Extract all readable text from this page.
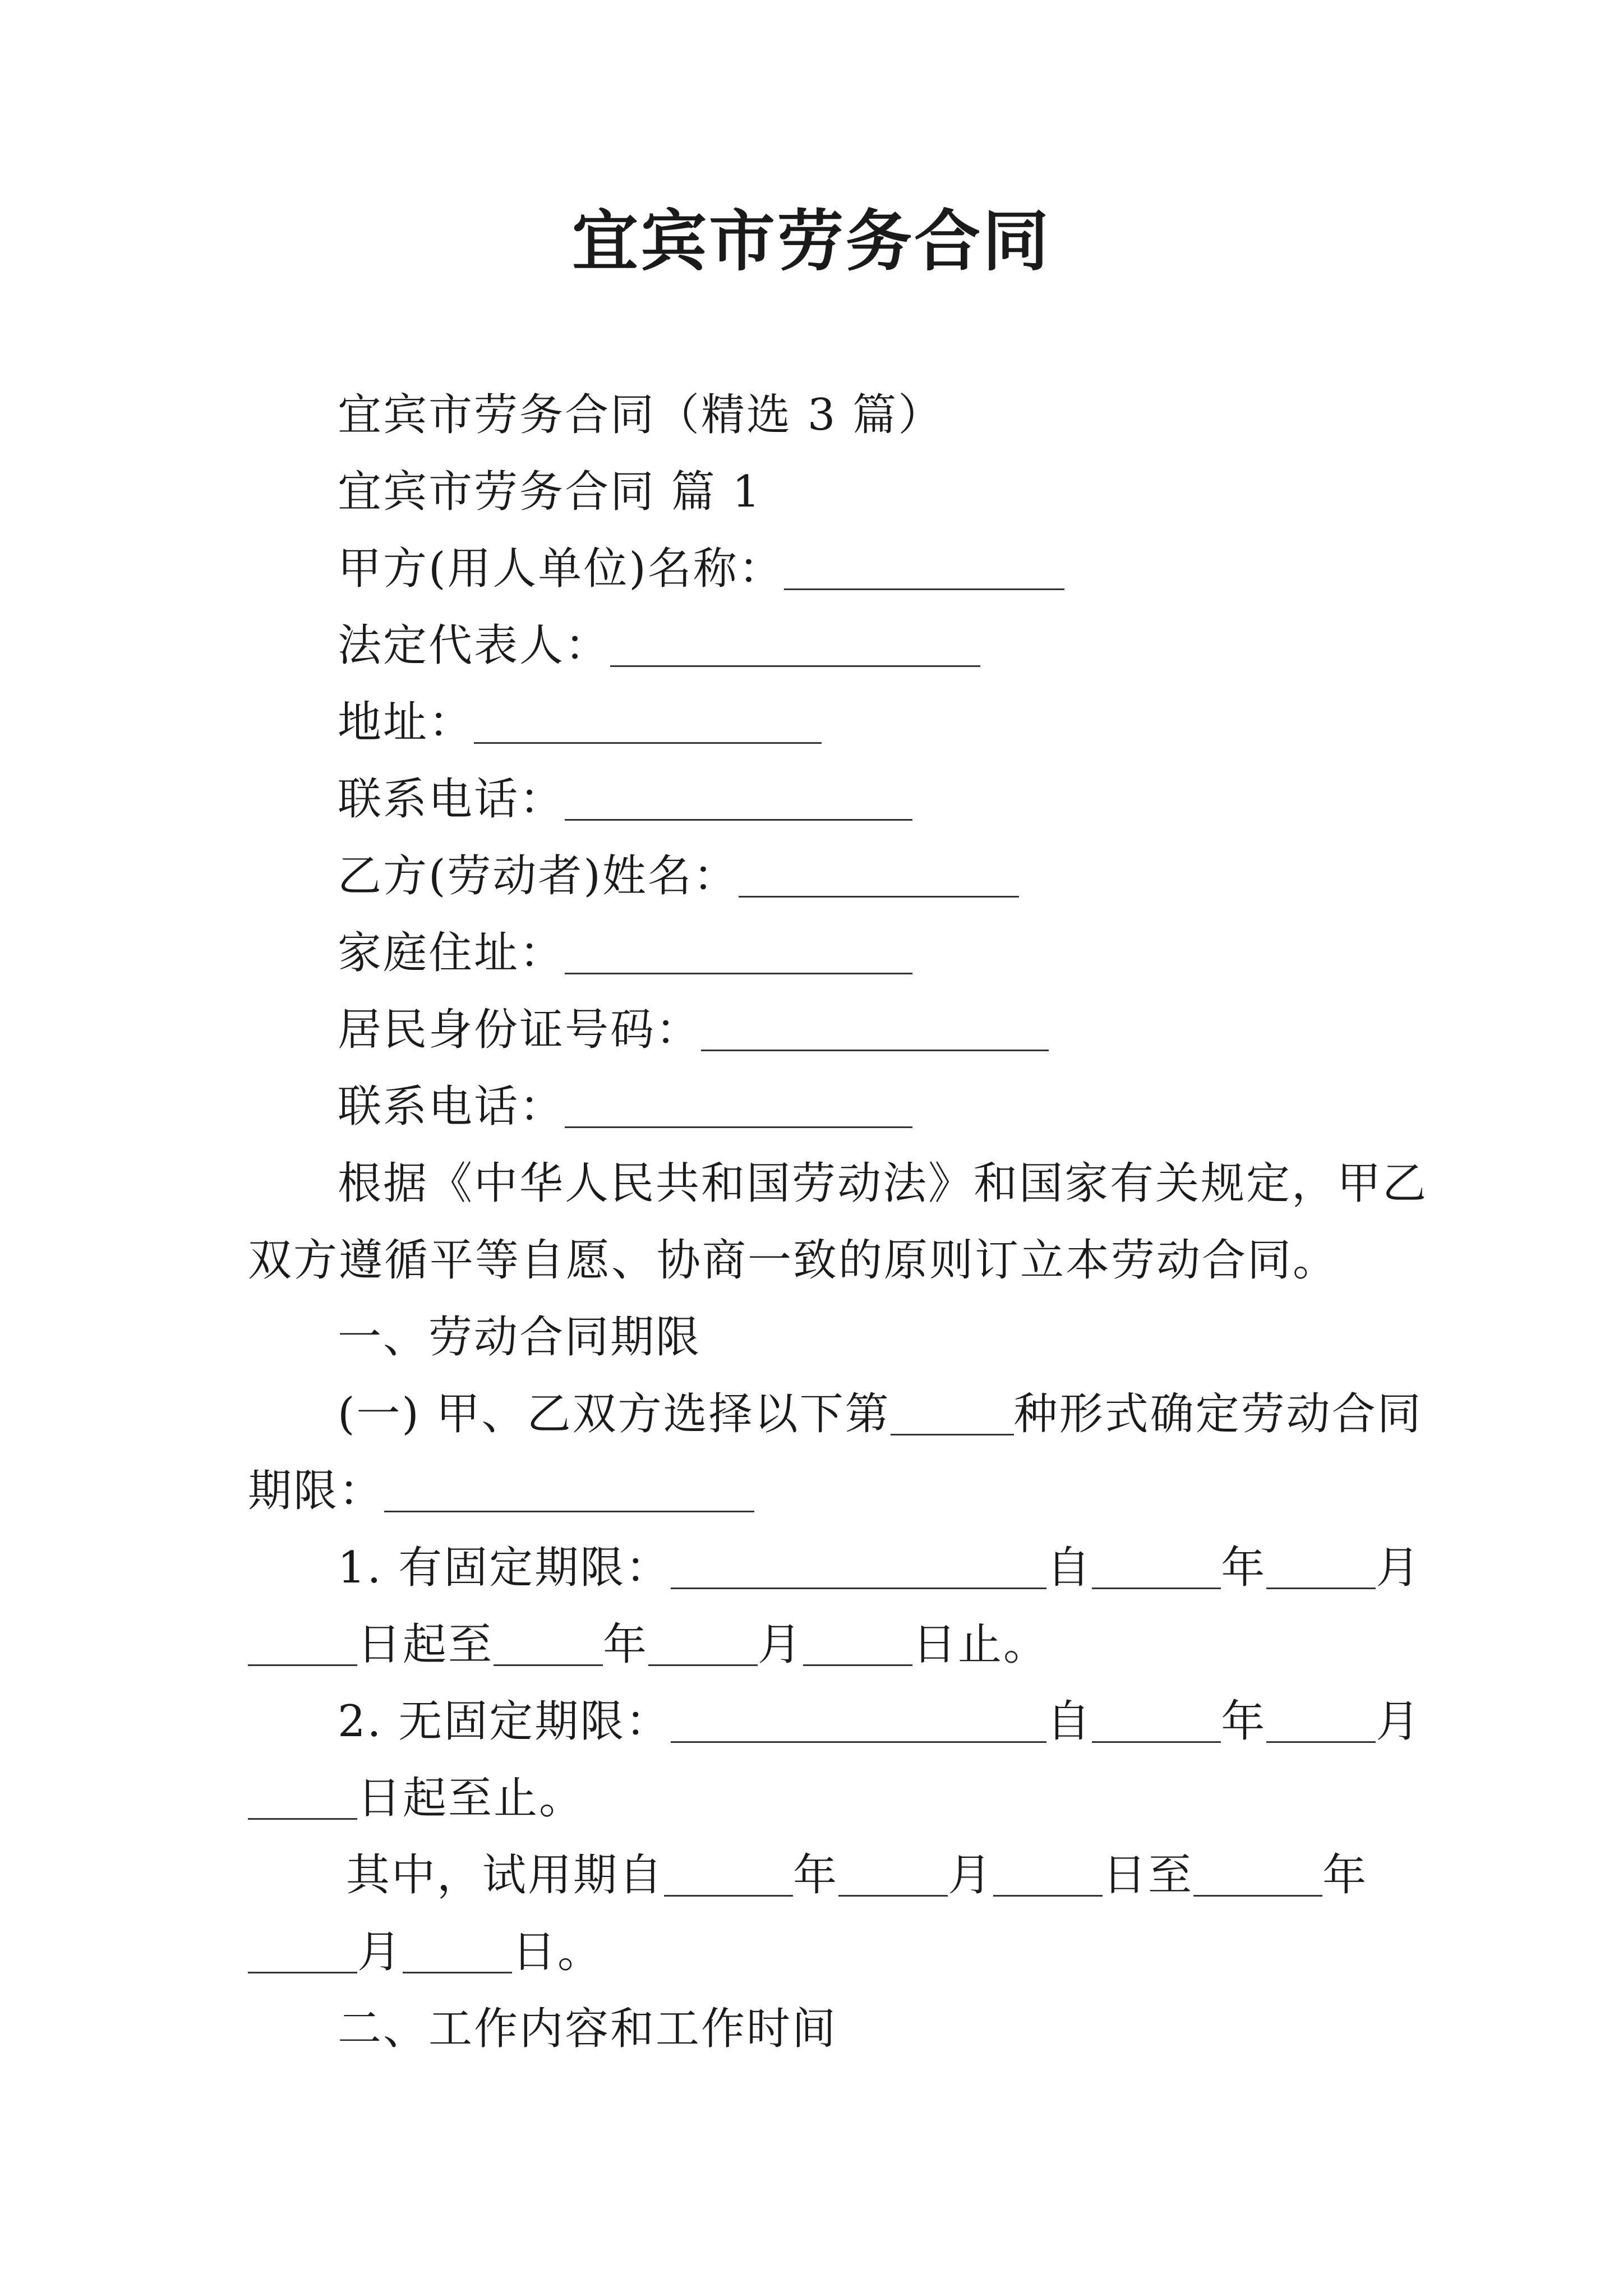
宜宾市劳务合同
宜宾市劳务合同（精选 3 篇）
宜宾市劳务合同 篇 1
甲方(用人单位)名称：
法定代表人：
地址：
联系电话：
乙方(劳动者)姓名：
家庭住址：
居民身份证号码：
联系电话：
根据《中华人民共和国劳动法》和国家有关规定，甲乙
双方遵循平等自愿、协商一致的原则订立本劳动合同。
一、劳动合同期限
(一) 甲、乙双方选择以下第	种形式确定劳动合同
期限：
1. 有固定期限：	自	年	月
日起至	年	月	日止。
2. 无固定期限：	自	年	月
日起至止。
其中，试用期自	年	月	日至	年
月	日。
二、工作内容和工作时间
